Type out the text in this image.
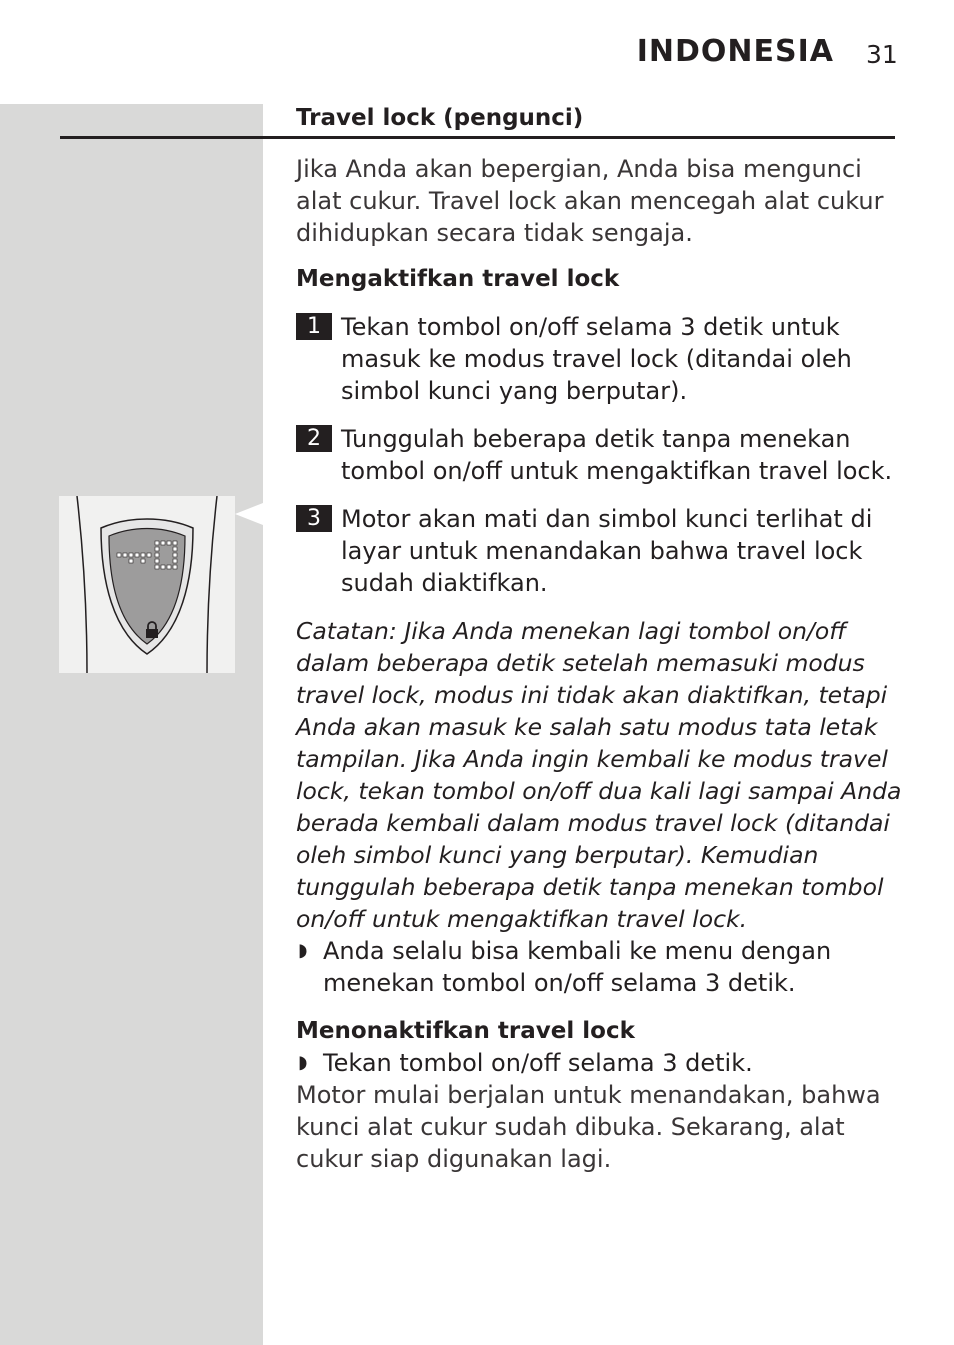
INDONESIA 31
Travel lock (pengunci)

Jika Anda akan bepergian, Anda bisa mengunci alat cukur. Travel lock akan mencegah alat cukur dihidupkan secara tidak sengaja.

Mengaktifkan travel lock
1 Tekan tombol on/off selama 3 detik untuk masuk ke modus travel lock (ditandai oleh simbol kunci yang berputar).
2 Tunggulah beberapa detik tanpa menekan tombol on/off untuk mengaktifkan travel lock.
3 Motor akan mati dan simbol kunci terlihat di layar untuk menandakan bahwa travel lock sudah diaktifkan.

Catatan: Jika Anda menekan lagi tombol on/off dalam beberapa detik setelah memasuki modus travel lock, modus ini tidak akan diaktifkan, tetapi Anda akan masuk ke salah satu modus tata letak tampilan. Jika Anda ingin kembali ke modus travel lock, tekan tombol on/off dua kali lagi sampai Anda berada kembali dalam modus travel lock (ditandai oleh simbol kunci yang berputar). Kemudian tunggulah beberapa detik tanpa menekan tombol on/off untuk mengaktifkan travel lock.

◗ Anda selalu bisa kembali ke menu dengan menekan tombol on/off selama 3 detik.
Menonaktifkan travel lock
◗ Tekan tombol on/off selama 3 detik.

Motor mulai berjalan untuk menandakan, bahwa kunci alat cukur sudah dibuka. Sekarang, alat cukur siap digunakan lagi.
